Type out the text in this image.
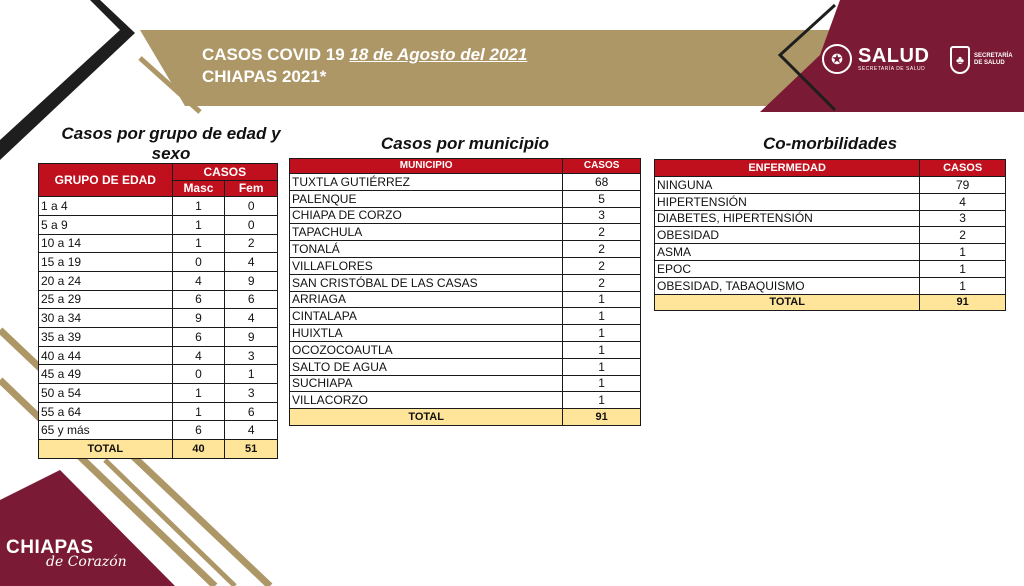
CASOS COVID 19 18 de Agosto del 2021
CHIAPAS 2021*
✪ SALUD
SECRETARÍA DE SALUD
♣	SECRETARÍA
DE SALUD
Casos por grupo de edad y sexo
Casos por municipio	Co-morbilidades
GRUPO DE EDAD	CASOS	
	Masc	Fem
1 a 4	1	0
5 a 9	1	0
10 a 14	1	2
15 a 19	0	4
20 a 24	4	9
25 a 29	6	6
30 a 34	9	4
35 a 39	6	9
40 a 44	4	3
45 a 49	0	1
50 a 54	1	3
55 a 64	1	6
65 y más	6	4
TOTAL	40	51
MUNICIPIO	CASOS
TUXTLA GUTIÉRREZ	68
PALENQUE	5
CHIAPA DE CORZO	3
TAPACHULA	2
TONALÁ	2
VILLAFLORES	2
SAN CRISTÓBAL DE LAS CASAS	2
ARRIAGA	1
CINTALAPA	1
HUIXTLA	1
OCOZOCOAUTLA	1
SALTO DE AGUA	1
SUCHIAPA	1
VILLACORZO	1
TOTAL	91
ENFERMEDAD	CASOS
NINGUNA	79
HIPERTENSIÓN	4
DIABETES, HIPERTENSIÓN	3
OBESIDAD	2
ASMA	1
EPOC	1
OBESIDAD, TABAQUISMO	1
TOTAL	91
CHIAPAS
de Corazón
